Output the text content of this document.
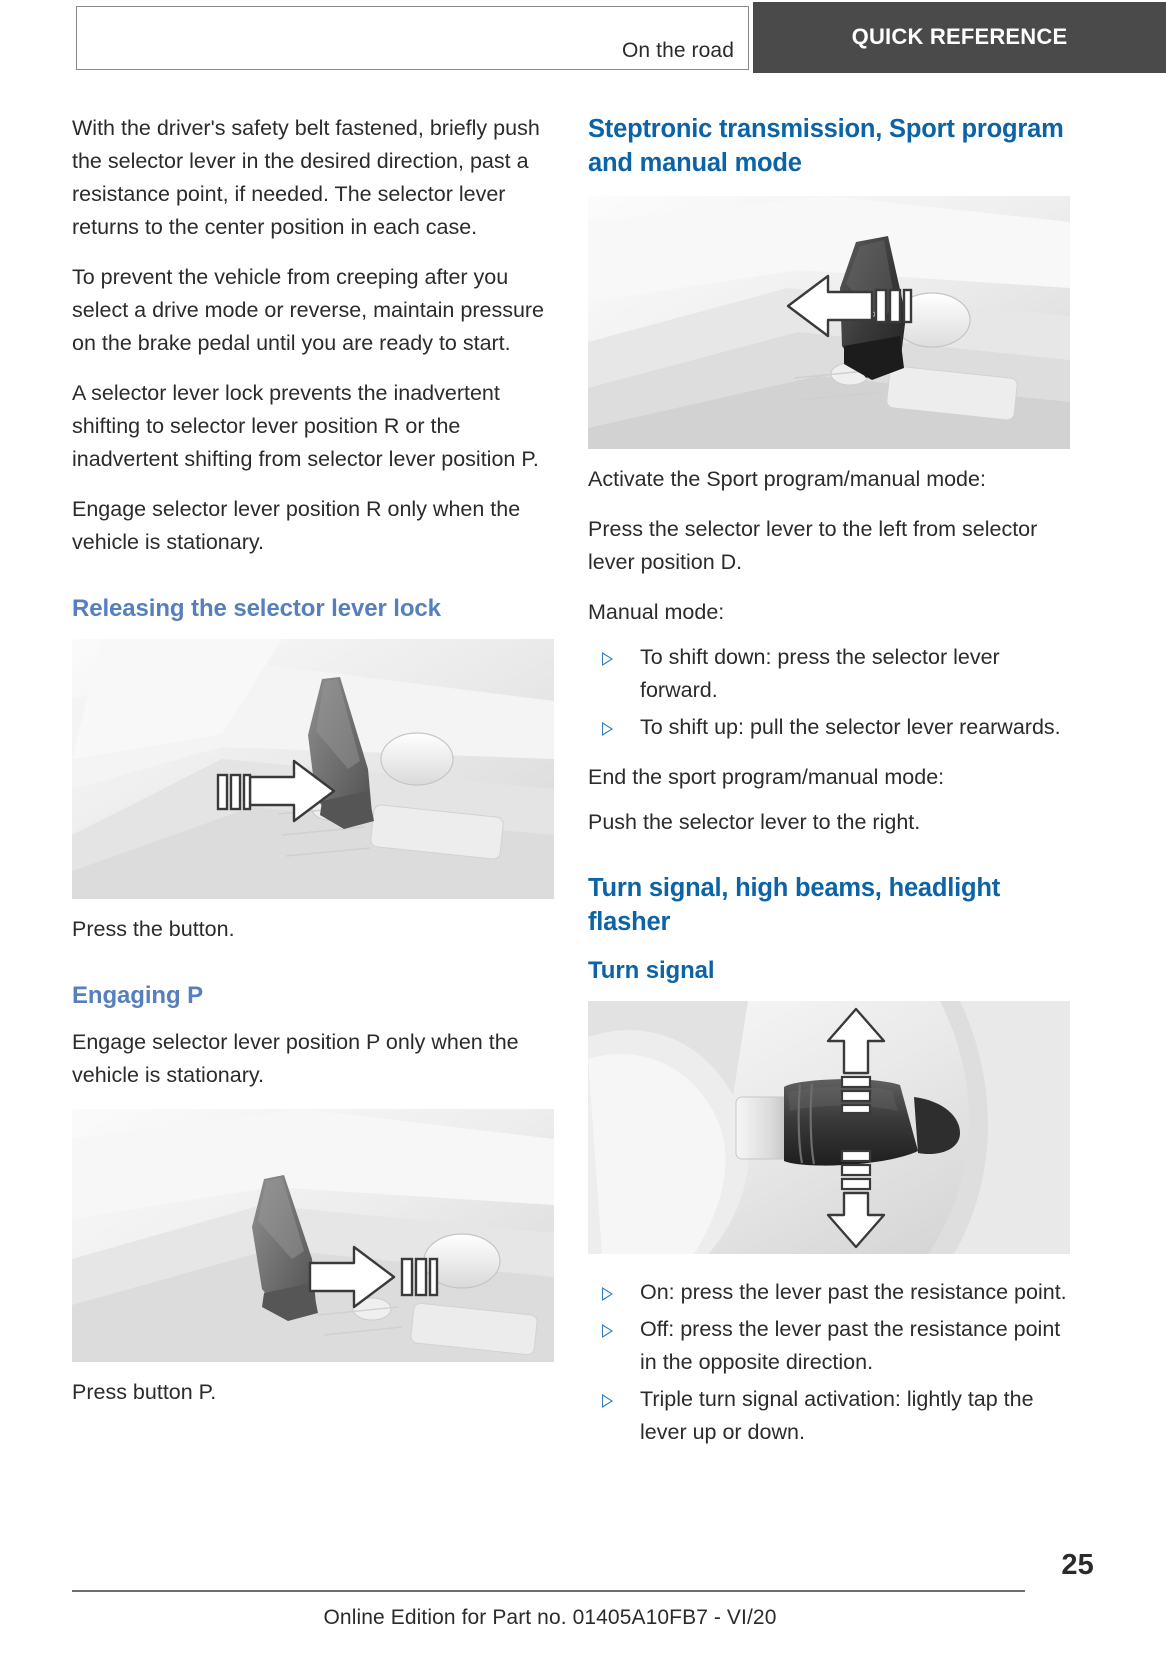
On the road
QUICK REFERENCE

With the driver's safety belt fastened, briefly push the selector lever in the desired direction, past a resistance point, if needed. The selector lever returns to the center position in each case.

To prevent the vehicle from creeping after you select a drive mode or reverse, maintain pressure on the brake pedal until you are ready to start.

A selector lever lock prevents the inadvertent shifting to selector lever position R or the inadvertent shifting from selector lever position P.

Engage selector lever position R only when the vehicle is stationary.

Releasing the selector lever lock

Press the button.

Engaging P

Engage selector lever position P only when the vehicle is stationary.

Press button P.

Steptronic transmission, Sport program and manual mode

Activate the Sport program/manual mode:

Press the selector lever to the left from selector lever position D.

Manual mode:

To shift down: press the selector lever forward.
To shift up: pull the selector lever rearwards.

End the sport program/manual mode:

Push the selector lever to the right.

Turn signal, high beams, headlight flasher
Turn signal
On: press the lever past the resistance point.
Off: press the lever past the resistance point in the opposite direction.
Triple turn signal activation: lightly tap the lever up or down.
25
Online Edition for Part no. 01405A10FB7 - VI/20
